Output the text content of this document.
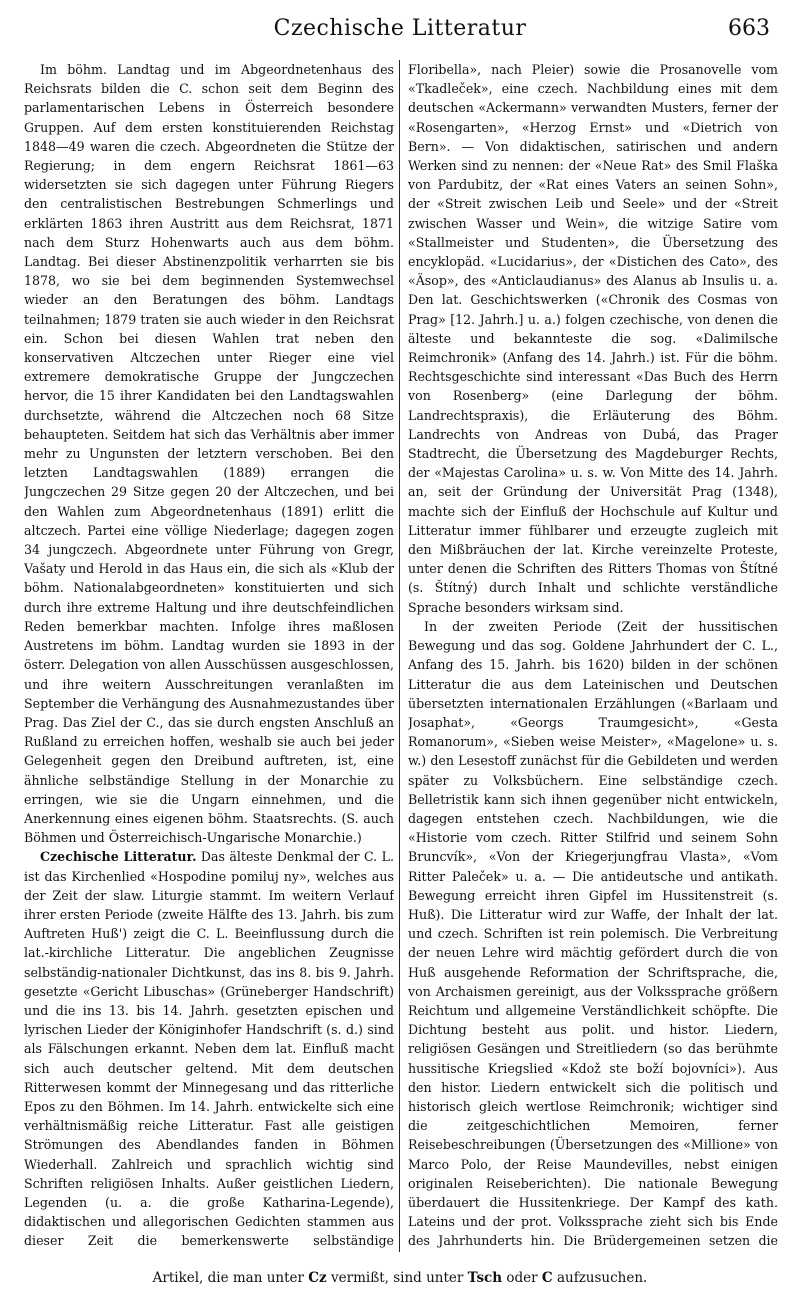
Czechische Litteratur	663

Im böhm. Landtag und im Abgeordnetenhaus des Reichsrats bilden die C. schon seit dem Beginn des parlamentarischen Lebens in Österreich besondere Gruppen. Auf dem ersten konstituierenden Reichstag 1848—49 waren die czech. Abgeordneten die Stütze der Regierung; in dem engern Reichsrat 1861—63 widersetzten sie sich dagegen unter Führung Riegers den centralistischen Bestrebungen Schmerlings und erklärten 1863 ihren Austritt aus dem Reichsrat, 1871 nach dem Sturz Hohenwarts auch aus dem böhm. Landtag. Bei dieser Abstinenzpolitik verharrten sie bis 1878, wo sie bei dem beginnenden Systemwechsel wieder an den Beratungen des böhm. Landtags teilnahmen; 1879 traten sie auch wieder in den Reichsrat ein. Schon bei diesen Wahlen trat neben den konservativen Altczechen unter Rieger eine viel extremere demokratische Gruppe der Jungczechen hervor, die 15 ihrer Kandidaten bei den Landtagswahlen durchsetzte, während die Altczechen noch 68 Sitze behaupteten. Seitdem hat sich das Verhältnis aber immer mehr zu Ungunsten der letztern verschoben. Bei den letzten Landtagswahlen (1889) errangen die Jungczechen 29 Sitze gegen 20 der Altczechen, und bei den Wahlen zum Abgeordnetenhaus (1891) erlitt die altczech. Partei eine völlige Niederlage; dagegen zogen 34 jungczech. Abgeordnete unter Führung von Gregr, Vašaty und Herold in das Haus ein, die sich als «Klub der böhm. Nationalabgeordneten» konstituierten und sich durch ihre extreme Haltung und ihre deutschfeindlichen Reden bemerkbar machten. Infolge ihres maßlosen Austretens im böhm. Landtag wurden sie 1893 in der österr. Delegation von allen Ausschüssen ausgeschlossen, und ihre weitern Ausschreitungen veranlaßten im September die Verhängung des Ausnahmezustandes über Prag. Das Ziel der C., das sie durch engsten Anschluß an Rußland zu erreichen hoffen, weshalb sie auch bei jeder Gelegenheit gegen den Dreibund auftreten, ist, eine ähnliche selbständige Stellung in der Monarchie zu erringen, wie sie die Ungarn einnehmen, und die Anerkennung eines eigenen böhm. Staatsrechts. (S. auch Böhmen und Österreichisch-Ungarische Monarchie.)

Czechische Litteratur. Das älteste Denkmal der C. L. ist das Kirchenlied «Hospodine pomiluj ny», welches aus der Zeit der slaw. Liturgie stammt. Im weitern Verlauf ihrer ersten Periode (zweite Hälfte des 13. Jahrh. bis zum Auftreten Huß') zeigt die C. L. Beeinflussung durch die lat.-kirchliche Litteratur. Die angeblichen Zeugnisse selbständig-nationaler Dichtkunst, das ins 8. bis 9. Jahrh. gesetzte «Gericht Libuschas» (Grüneberger Handschrift) und die ins 13. bis 14. Jahrh. gesetzten epischen und lyrischen Lieder der Königinhofer Handschrift (s. d.) sind als Fälschungen erkannt. Neben dem lat. Einfluß macht sich auch deutscher geltend. Mit dem deutschen Ritterwesen kommt der Minnegesang und das ritterliche Epos zu den Böhmen. Im 14. Jahrh. entwickelte sich eine verhältnismäßig reiche Litteratur. Fast alle geistigen Strömungen des Abendlandes fanden in Böhmen Wiederhall. Zahlreich und sprachlich wichtig sind Schriften religiösen Inhalts. Außer geistlichen Liedern, Legenden (u. a. die große Katharina-Legende), didaktischen und allegorischen Gedichten stammen aus dieser Zeit die bemerkenswerte selbständige

Floribella», nach Pleier) sowie die Prosanovelle vom «Tkadleček», eine czech. Nachbildung eines mit dem deutschen «Ackermann» verwandten Musters, ferner der «Rosengarten», «Herzog Ernst» und «Dietrich von Bern». — Von didaktischen, satirischen und andern Werken sind zu nennen: der «Neue Rat» des Smil Flaška von Pardubitz, der «Rat eines Vaters an seinen Sohn», der «Streit zwischen Leib und Seele» und der «Streit zwischen Wasser und Wein», die witzige Satire vom «Stallmeister und Studenten», die Übersetzung des encyklopäd. «Lucidarius», der «Distichen des Cato», des «Äsop», des «Anticlaudianus» des Alanus ab Insulis u. a. Den lat. Geschichtswerken («Chronik des Cosmas von Prag» [12. Jahrh.] u. a.) folgen czechische, von denen die älteste und bekannteste die sog. «Dalimilsche Reimchronik» (Anfang des 14. Jahrh.) ist. Für die böhm. Rechtsgeschichte sind interessant «Das Buch des Herrn von Rosenberg» (eine Darlegung der böhm. Landrechtspraxis), die Erläuterung des Böhm. Landrechts von Andreas von Dubá, das Prager Stadtrecht, die Übersetzung des Magdeburger Rechts, der «Majestas Carolina» u. s. w. Von Mitte des 14. Jahrh. an, seit der Gründung der Universität Prag (1348), machte sich der Einfluß der Hochschule auf Kultur und Litteratur immer fühlbarer und erzeugte zugleich mit den Mißbräuchen der lat. Kirche vereinzelte Proteste, unter denen die Schriften des Ritters Thomas von Štítné (s. Štítný) durch Inhalt und schlichte verständliche Sprache besonders wirksam sind.

In der zweiten Periode (Zeit der hussitischen Bewegung und das sog. Goldene Jahrhundert der C. L., Anfang des 15. Jahrh. bis 1620) bilden in der schönen Litteratur die aus dem Lateinischen und Deutschen übersetzten internationalen Erzählungen («Barlaam und Josaphat», «Georgs Traumgesicht», «Gesta Romanorum», «Sieben weise Meister», «Magelone» u. s. w.) den Lesestoff zunächst für die Gebildeten und werden später zu Volksbüchern. Eine selbständige czech. Belletristik kann sich ihnen gegenüber nicht entwickeln, dagegen entstehen czech. Nachbildungen, wie die «Historie vom czech. Ritter Stilfrid und seinem Sohn Bruncvík», «Von der Kriegerjungfrau Vlasta», «Vom Ritter Paleček» u. a. — Die antideutsche und antikath. Bewegung erreicht ihren Gipfel im Hussitenstreit (s. Huß). Die Litteratur wird zur Waffe, der Inhalt der lat. und czech. Schriften ist rein polemisch. Die Verbreitung der neuen Lehre wird mächtig gefördert durch die von Huß ausgehende Reformation der Schriftsprache, die, von Archaismen gereinigt, aus der Volkssprache größern Reichtum und allgemeine Verständlichkeit schöpfte. Die Dichtung besteht aus polit. und histor. Liedern, religiösen Gesängen und Streitliedern (so das berühmte hussitische Kriegslied «Kdož ste boží bojovníci»). Aus den histor. Liedern entwickelt sich die politisch und historisch gleich wertlose Reimchronik; wichtiger sind die zeitgeschichtlichen Memoiren, ferner Reisebeschreibungen (Übersetzungen des «Millione» von Marco Polo, der Reise Maundevilles, nebst einigen originalen Reiseberichten). Die nationale Bewegung überdauert die Hussitenkriege. Der Kampf des kath. Lateins und der prot. Volkssprache zieht sich bis Ende des Jahrhunderts hin. Die Brüdergemeinen setzen die

Artikel, die man unter Cz vermißt, sind unter Tsch oder C aufzusuchen.
